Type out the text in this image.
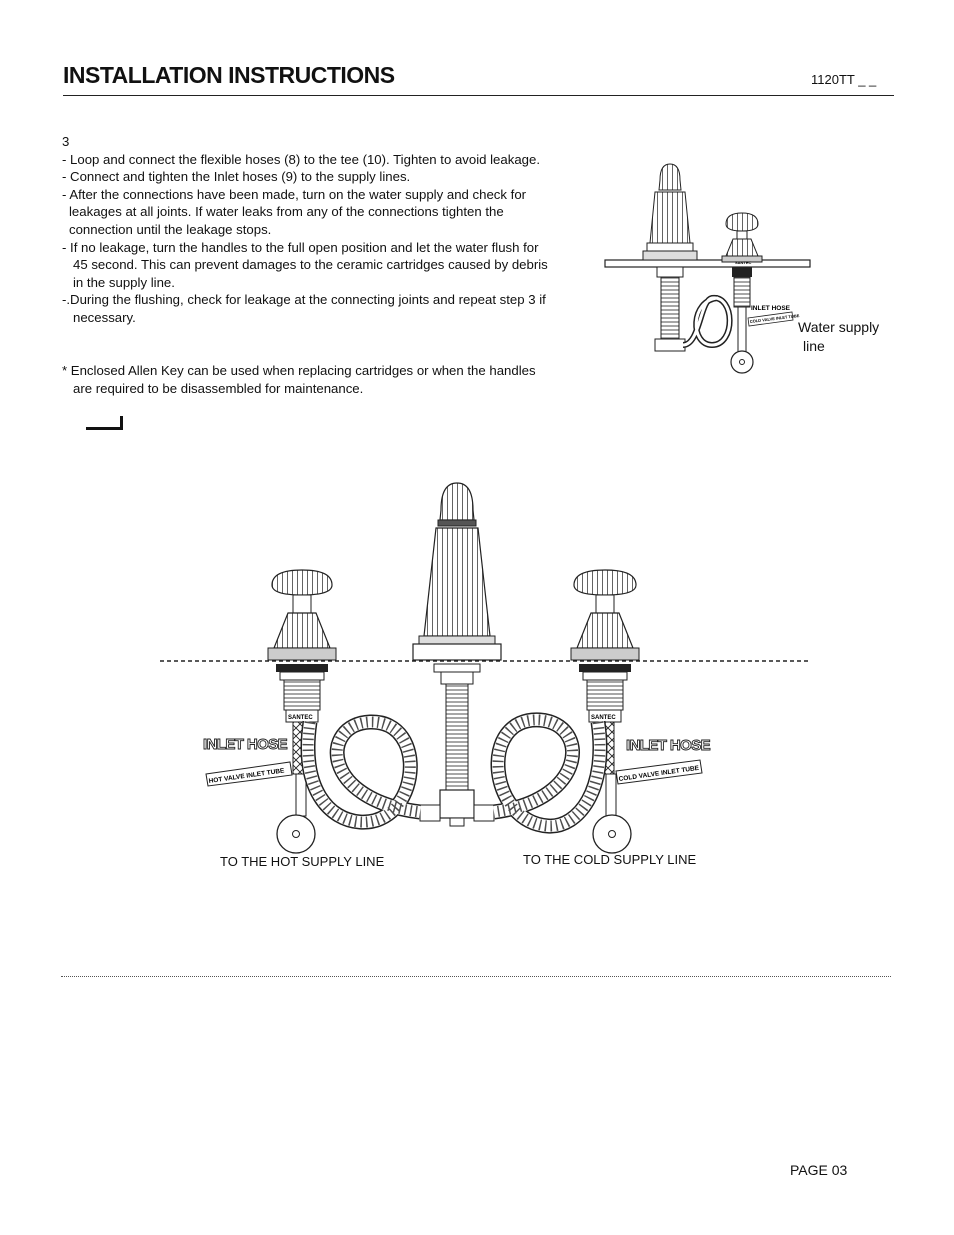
INSTALLATION INSTRUCTIONS	1120TT _ _
3
- Loop and connect the flexible hoses (8) to the tee (10). Tighten to avoid leakage.
- Connect and tighten the Inlet hoses (9) to the supply lines.
- After the connections have been made, turn on the water supply and check for
leakages at all joints. If water leaks from any of the connections tighten the
connection until the leakage stops.
- If no leakage, turn the handles to the full open position and let the water flush for
45 second. This can prevent damages to the ceramic cartridges caused by debris
in the supply line.
-.During the flushing, check for leakage at the connecting joints and repeat step 3 if
necessary.
* Enclosed Allen Key can be used when replacing cartridges or when the handles
are required to be disassembled for maintenance.
INLET HOSE
COLD VALVE INLET TUBE
SANTEC
SANTEC	SANTEC
INLET HOSE	INLET HOSE
HOT VALVE INLET TUBE	COLD VALVE INLET TUBE
Water supply
line
TO THE HOT SUPPLY LINE	TO THE COLD SUPPLY LINE
PAGE 03
